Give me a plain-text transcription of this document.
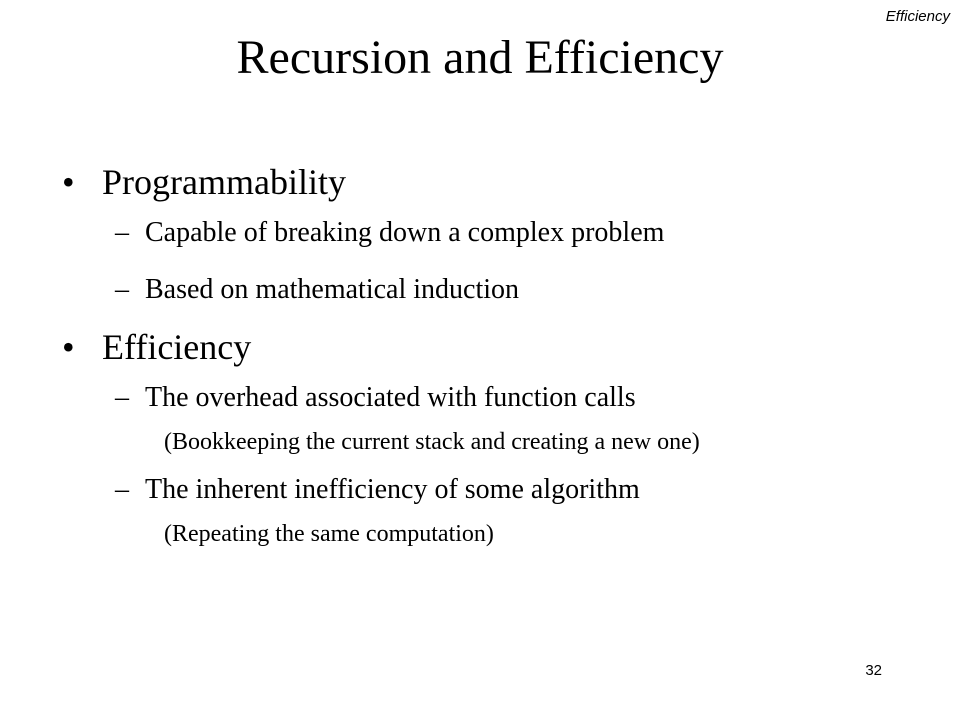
Efficiency
Recursion and Efficiency
• Programmability
– Capable of breaking down a complex problem
– Based on mathematical induction
• Efficiency
– The overhead associated with function calls
(Bookkeeping the current stack and creating a new one)
– The inherent inefficiency of some algorithm
(Repeating the same computation)
32
